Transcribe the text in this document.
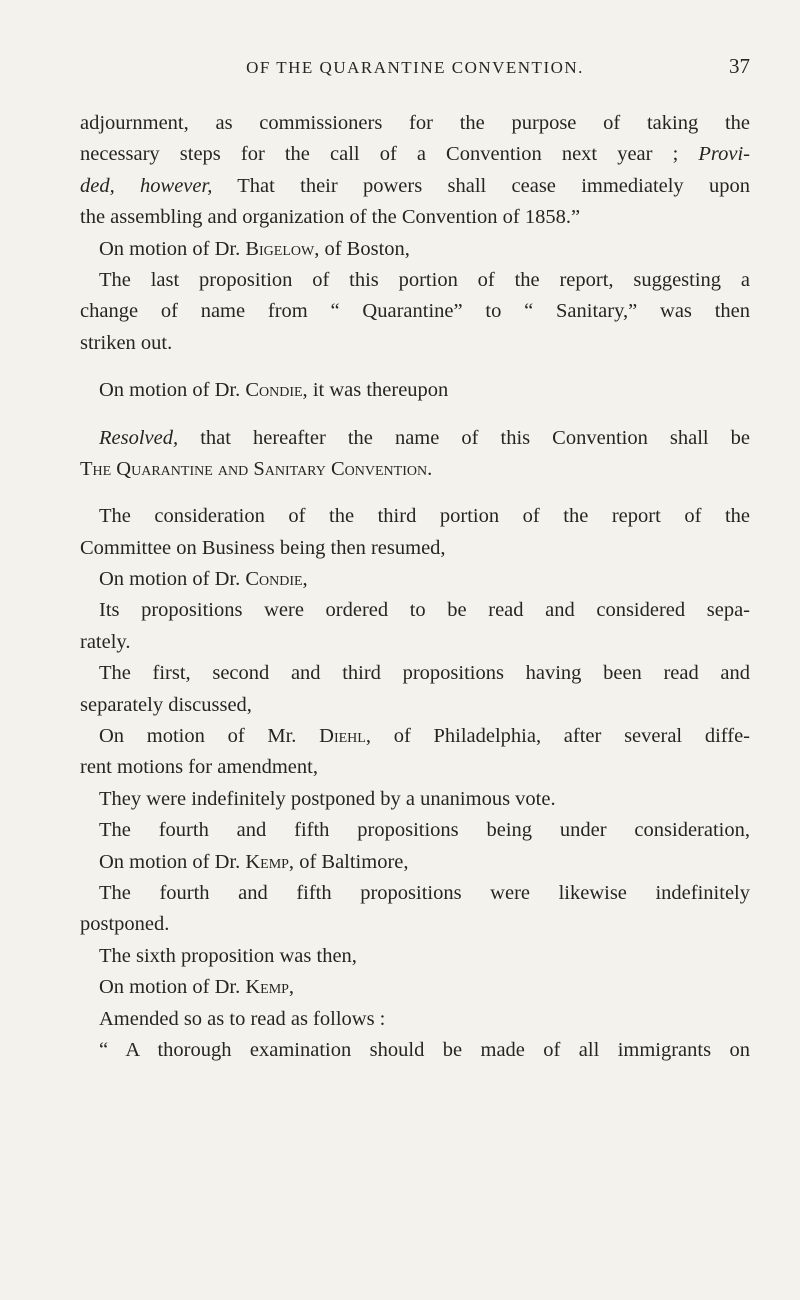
OF THE QUARANTINE CONVENTION.	37
adjournment, as commissioners for the purpose of taking the
necessary steps for the call of a Convention next year ; Provi-
ded, however, That their powers shall cease immediately upon
the assembling and organization of the Convention of 1858.”
On motion of Dr. Bigelow, of Boston,
The last proposition of this portion of the report, suggesting a
change of name from “ Quarantine” to “ Sanitary,” was then
striken out.
On motion of Dr. Condie, it was thereupon
Resolved, that hereafter the name of this Convention shall be
The Quarantine and Sanitary Convention.
The consideration of the third portion of the report of the
Committee on Business being then resumed,
On motion of Dr. Condie,
Its propositions were ordered to be read and considered sepa-
rately.
The first, second and third propositions having been read and
separately discussed,
On motion of Mr. Diehl, of Philadelphia, after several diffe-
rent motions for amendment,
They were indefinitely postponed by a unanimous vote.
The fourth and fifth propositions being under consideration,
On motion of Dr. Kemp, of Baltimore,
The fourth and fifth propositions were likewise indefinitely
postponed.
The sixth proposition was then,
On motion of Dr. Kemp,
Amended so as to read as follows :
“ A thorough examination should be made of all immigrants on
